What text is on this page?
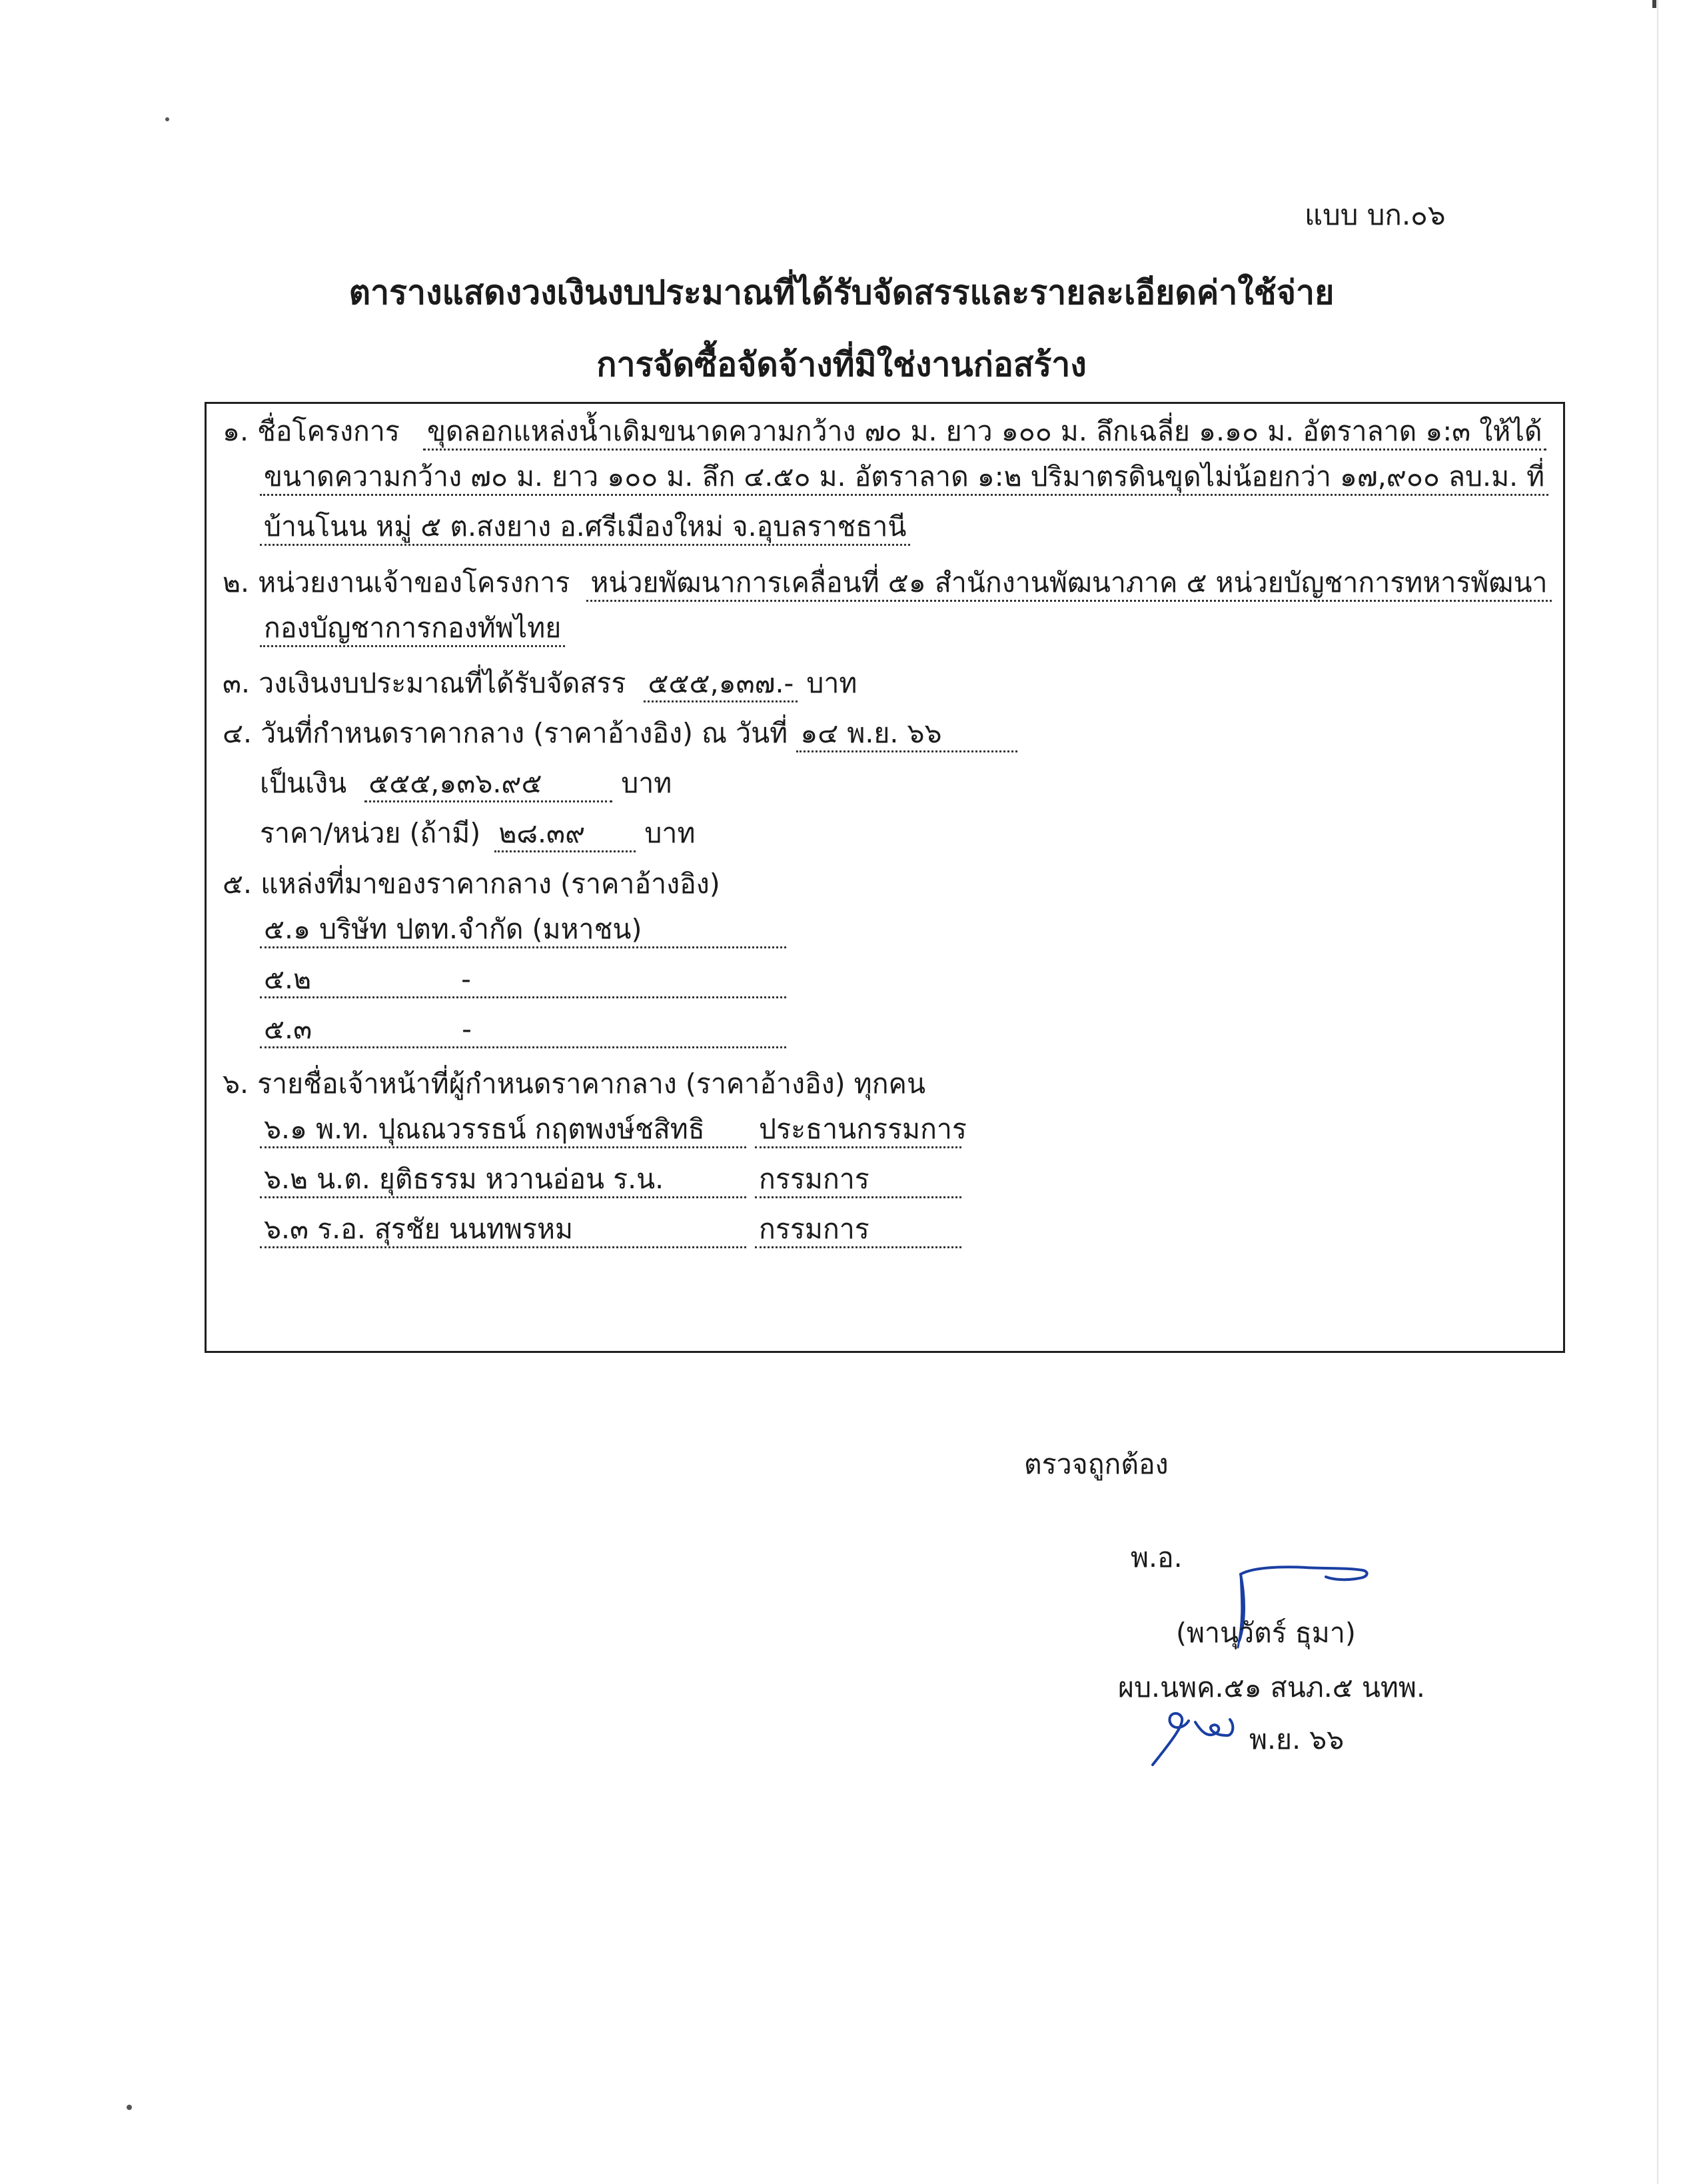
แบบ บก.๐๖
ตารางแสดงวงเงินงบประมาณที่ได้รับจัดสรรและรายละเอียดค่าใช้จ่าย
การจัดซื้อจัดจ้างที่มิใช่งานก่อสร้าง
๑. ชื่อโครงการ ขุดลอกแหล่งน้ำเดิมขนาดความกว้าง ๗๐ ม. ยาว ๑๐๐ ม. ลึกเฉลี่ย ๑.๑๐ ม. อัตราลาด ๑:๓ ให้ได้
ขนาดความกว้าง ๗๐ ม. ยาว ๑๐๐ ม. ลึก ๔.๕๐ ม. อัตราลาด ๑:๒ ปริมาตรดินขุดไม่น้อยกว่า ๑๗,๙๐๐ ลบ.ม. ที่
บ้านโนน หมู่ ๕ ต.สงยาง อ.ศรีเมืองใหม่ จ.อุบลราชธานี
๒. หน่วยงานเจ้าของโครงการ หน่วยพัฒนาการเคลื่อนที่ ๕๑ สำนักงานพัฒนาภาค ๕ หน่วยบัญชาการทหารพัฒนา
กองบัญชาการกองทัพไทย
๓. วงเงินงบประมาณที่ได้รับจัดสรร ๕๕๕,๑๓๗.- บาท
๔. วันที่กำหนดราคากลาง (ราคาอ้างอิง) ณ วันที่ ๑๔ พ.ย. ๖๖
เป็นเงิน ๕๕๕,๑๓๖.๙๕	บาท
ราคา/หน่วย (ถ้ามี) ๒๘.๓๙ บาท
๕. แหล่งที่มาของราคากลาง (ราคาอ้างอิง)
๕.๑ บริษัท ปตท.จำกัด (มหาชน)
๕.๒	-
๕.๓	-
๖. รายชื่อเจ้าหน้าที่ผู้กำหนดราคากลาง (ราคาอ้างอิง) ทุกคน
๖.๑ พ.ท. ปุณณวรรธน์ กฤตพงษ์ชสิทธิ ประธานกรรมการ
๖.๒ น.ต. ยุติธรรม หวานอ่อน ร.น.	กรรมการ
๖.๓ ร.อ. สุรชัย นนทพรหม	กรรมการ
ตรวจถูกต้อง
พ.อ.
(พานุวัตร์ ธุมา)
ผบ.นพค.๕๑ สนภ.๕ นทพ.
พ.ย. ๖๖
